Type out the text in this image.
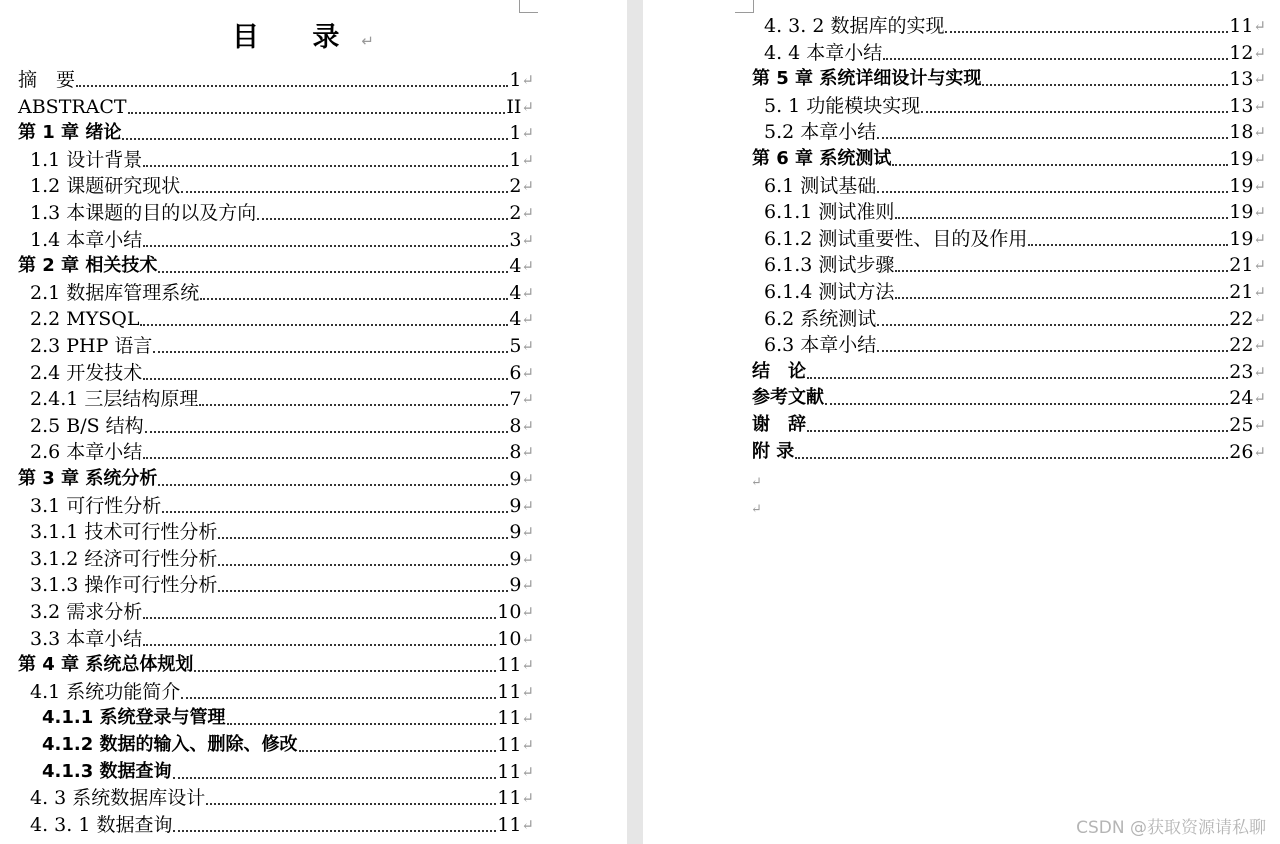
目 录↵
摘　要	1 ↵
ABSTRACT	II ↵
第 1 章 绪论	1 ↵
1.1 设计背景	1 ↵
1.2 课题研究现状	2 ↵
1.3 本课题的目的以及方向	2 ↵
1.4 本章小结	3 ↵
第 2 章 相关技术	4 ↵
2.1 数据库管理系统	4 ↵
2.2 MYSQL	4 ↵
2.3 PHP 语言	5 ↵
2.4 开发技术	6 ↵
2.4.1 三层结构原理	7 ↵
2.5 B/S 结构	8 ↵
2.6 本章小结	8 ↵
第 3 章 系统分析	9 ↵
3.1 可行性分析	9 ↵
3.1.1 技术可行性分析	9 ↵
3.1.2 经济可行性分析	9 ↵
3.1.3 操作可行性分析	9 ↵
3.2 需求分析	10 ↵
3.3 本章小结	10 ↵
第 4 章 系统总体规划	11 ↵
4.1 系统功能简介	11 ↵
4.1.1 系统登录与管理	11 ↵
4.1.2 数据的输入、删除、修改	11 ↵
4.1.3 数据查询	11 ↵
4. 3 系统数据库设计	11 ↵
4. 3. 1 数据查询	11 ↵
4. 3. 2 数据库的实现	11 ↵
4. 4 本章小结	12 ↵
第 5 章 系统详细设计与实现	13 ↵
5. 1 功能模块实现	13 ↵
5.2 本章小结	18 ↵
第 6 章 系统测试	19 ↵
6.1 测试基础	19 ↵
6.1.1 测试准则	19 ↵
6.1.2 测试重要性、目的及作用	19 ↵
6.1.3 测试步骤	21 ↵
6.1.4 测试方法	21 ↵
6.2 系统测试	22 ↵
6.3 本章小结	22 ↵
结　论	23 ↵
参考文献	24 ↵
谢　辞	25 ↵
附 录	26 ↵
↵
↵
CSDN @获取资源请私聊
